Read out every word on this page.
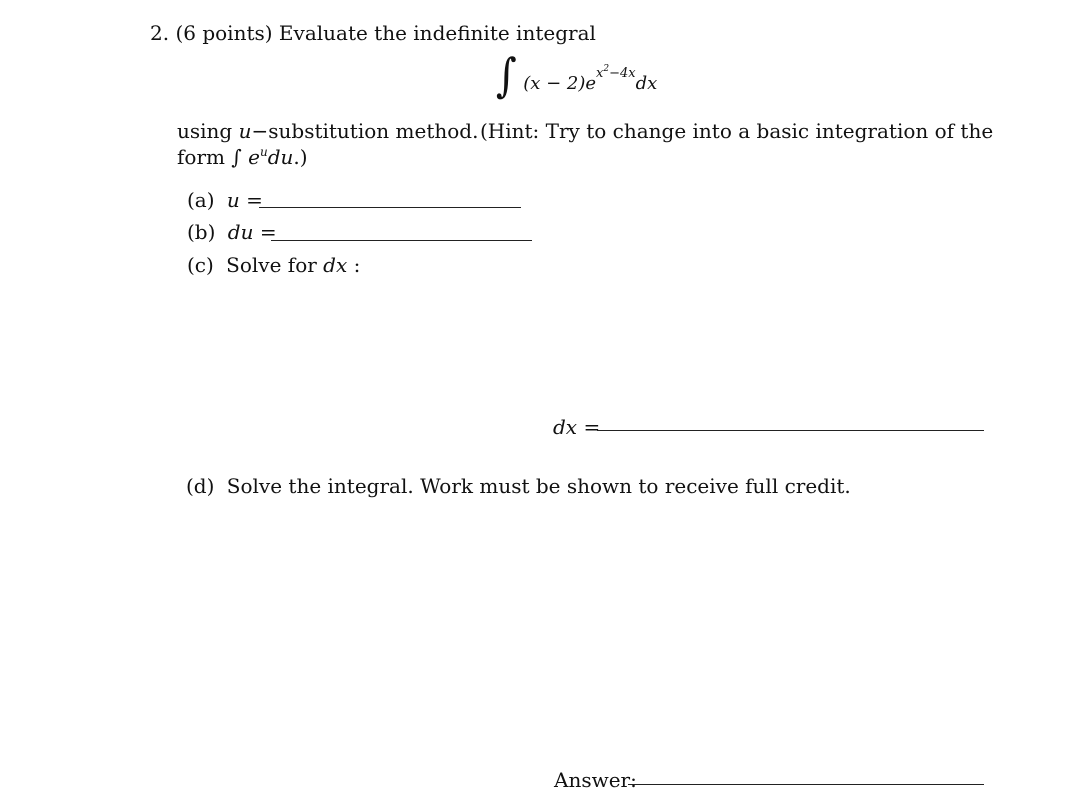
2. (6 points) Evaluate the indefinite integral
∫ $(x - 2)e^{x^2-4x}dx$
using u−substitution method. (Hint: Try to change into a basic integration of the
form ∫ $e^udu$.)
(a) u =
(b) du =
(c) Solve for dx :
dx =
(d) Solve the integral. Work must be shown to receive full credit.
Answer:
